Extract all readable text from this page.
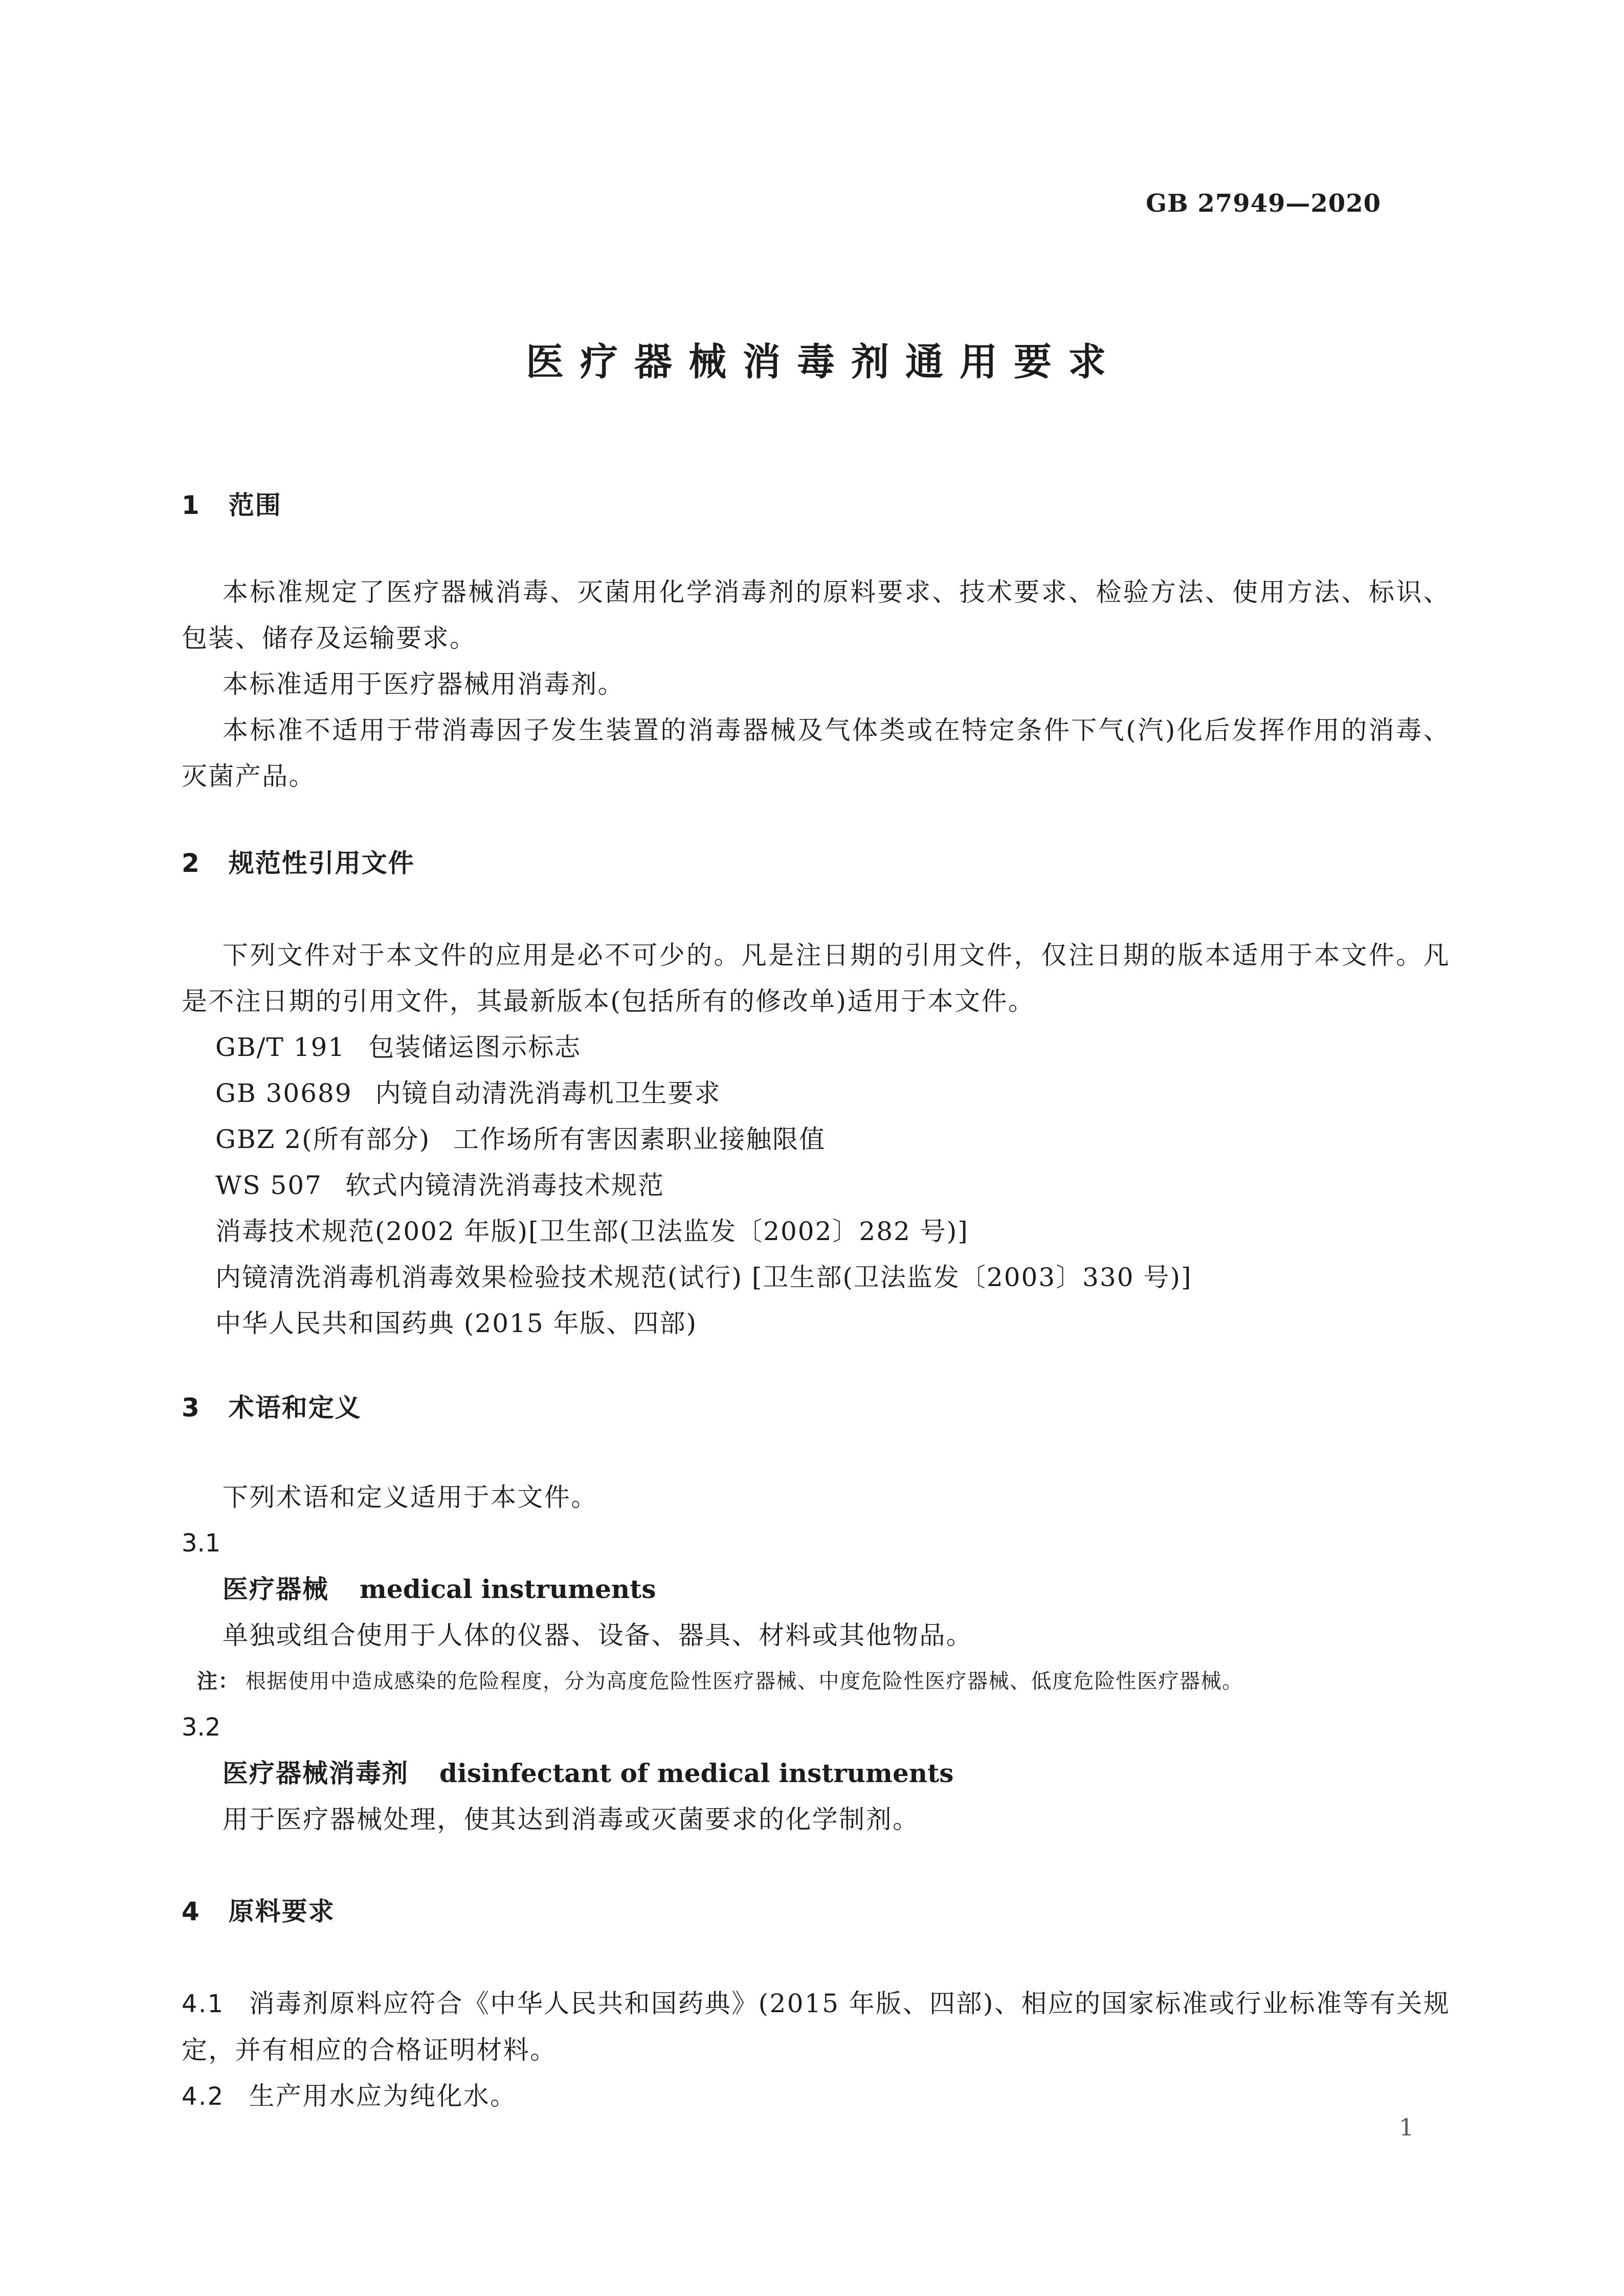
GB 27949—2020
医疗器械消毒剂通用要求
1 范围

本标准规定了医疗器械消毒、灭菌用化学消毒剂的原料要求、技术要求、检验方法、使用方法、标识、包装、储存及运输要求。

本标准适用于医疗器械用消毒剂。

本标准不适用于带消毒因子发生装置的消毒器械及气体类或在特定条件下气(汽)化后发挥作用的消毒、灭菌产品。

2 规范性引用文件

下列文件对于本文件的应用是必不可少的。凡是注日期的引用文件，仅注日期的版本适用于本文件。凡是不注日期的引用文件，其最新版本(包括所有的修改单)适用于本文件。

GB/T 191 包装储运图示标志
GB 30689 内镜自动清洗消毒机卫生要求
GBZ 2(所有部分) 工作场所有害因素职业接触限值
WS 507 软式内镜清洗消毒技术规范
消毒技术规范(2002 年版)[卫生部(卫法监发〔2002〕282 号)]
内镜清洗消毒机消毒效果检验技术规范(试行) [卫生部(卫法监发〔2003〕330 号)]
中华人民共和国药典 (2015 年版、四部)
3 术语和定义

下列术语和定义适用于本文件。

3.1
医疗器械 medical instruments
单独或组合使用于人体的仪器、设备、器具、材料或其他物品。
注： 根据使用中造成感染的危险程度，分为高度危险性医疗器械、中度危险性医疗器械、低度危险性医疗器械。
3.2
医疗器械消毒剂 disinfectant of medical instruments
用于医疗器械处理，使其达到消毒或灭菌要求的化学制剂。
4 原料要求
4.1 消毒剂原料应符合《中华人民共和国药典》(2015 年版、四部)、相应的国家标准或行业标准等有关规定，并有相应的合格证明材料。
4.2 生产用水应为纯化水。
1
